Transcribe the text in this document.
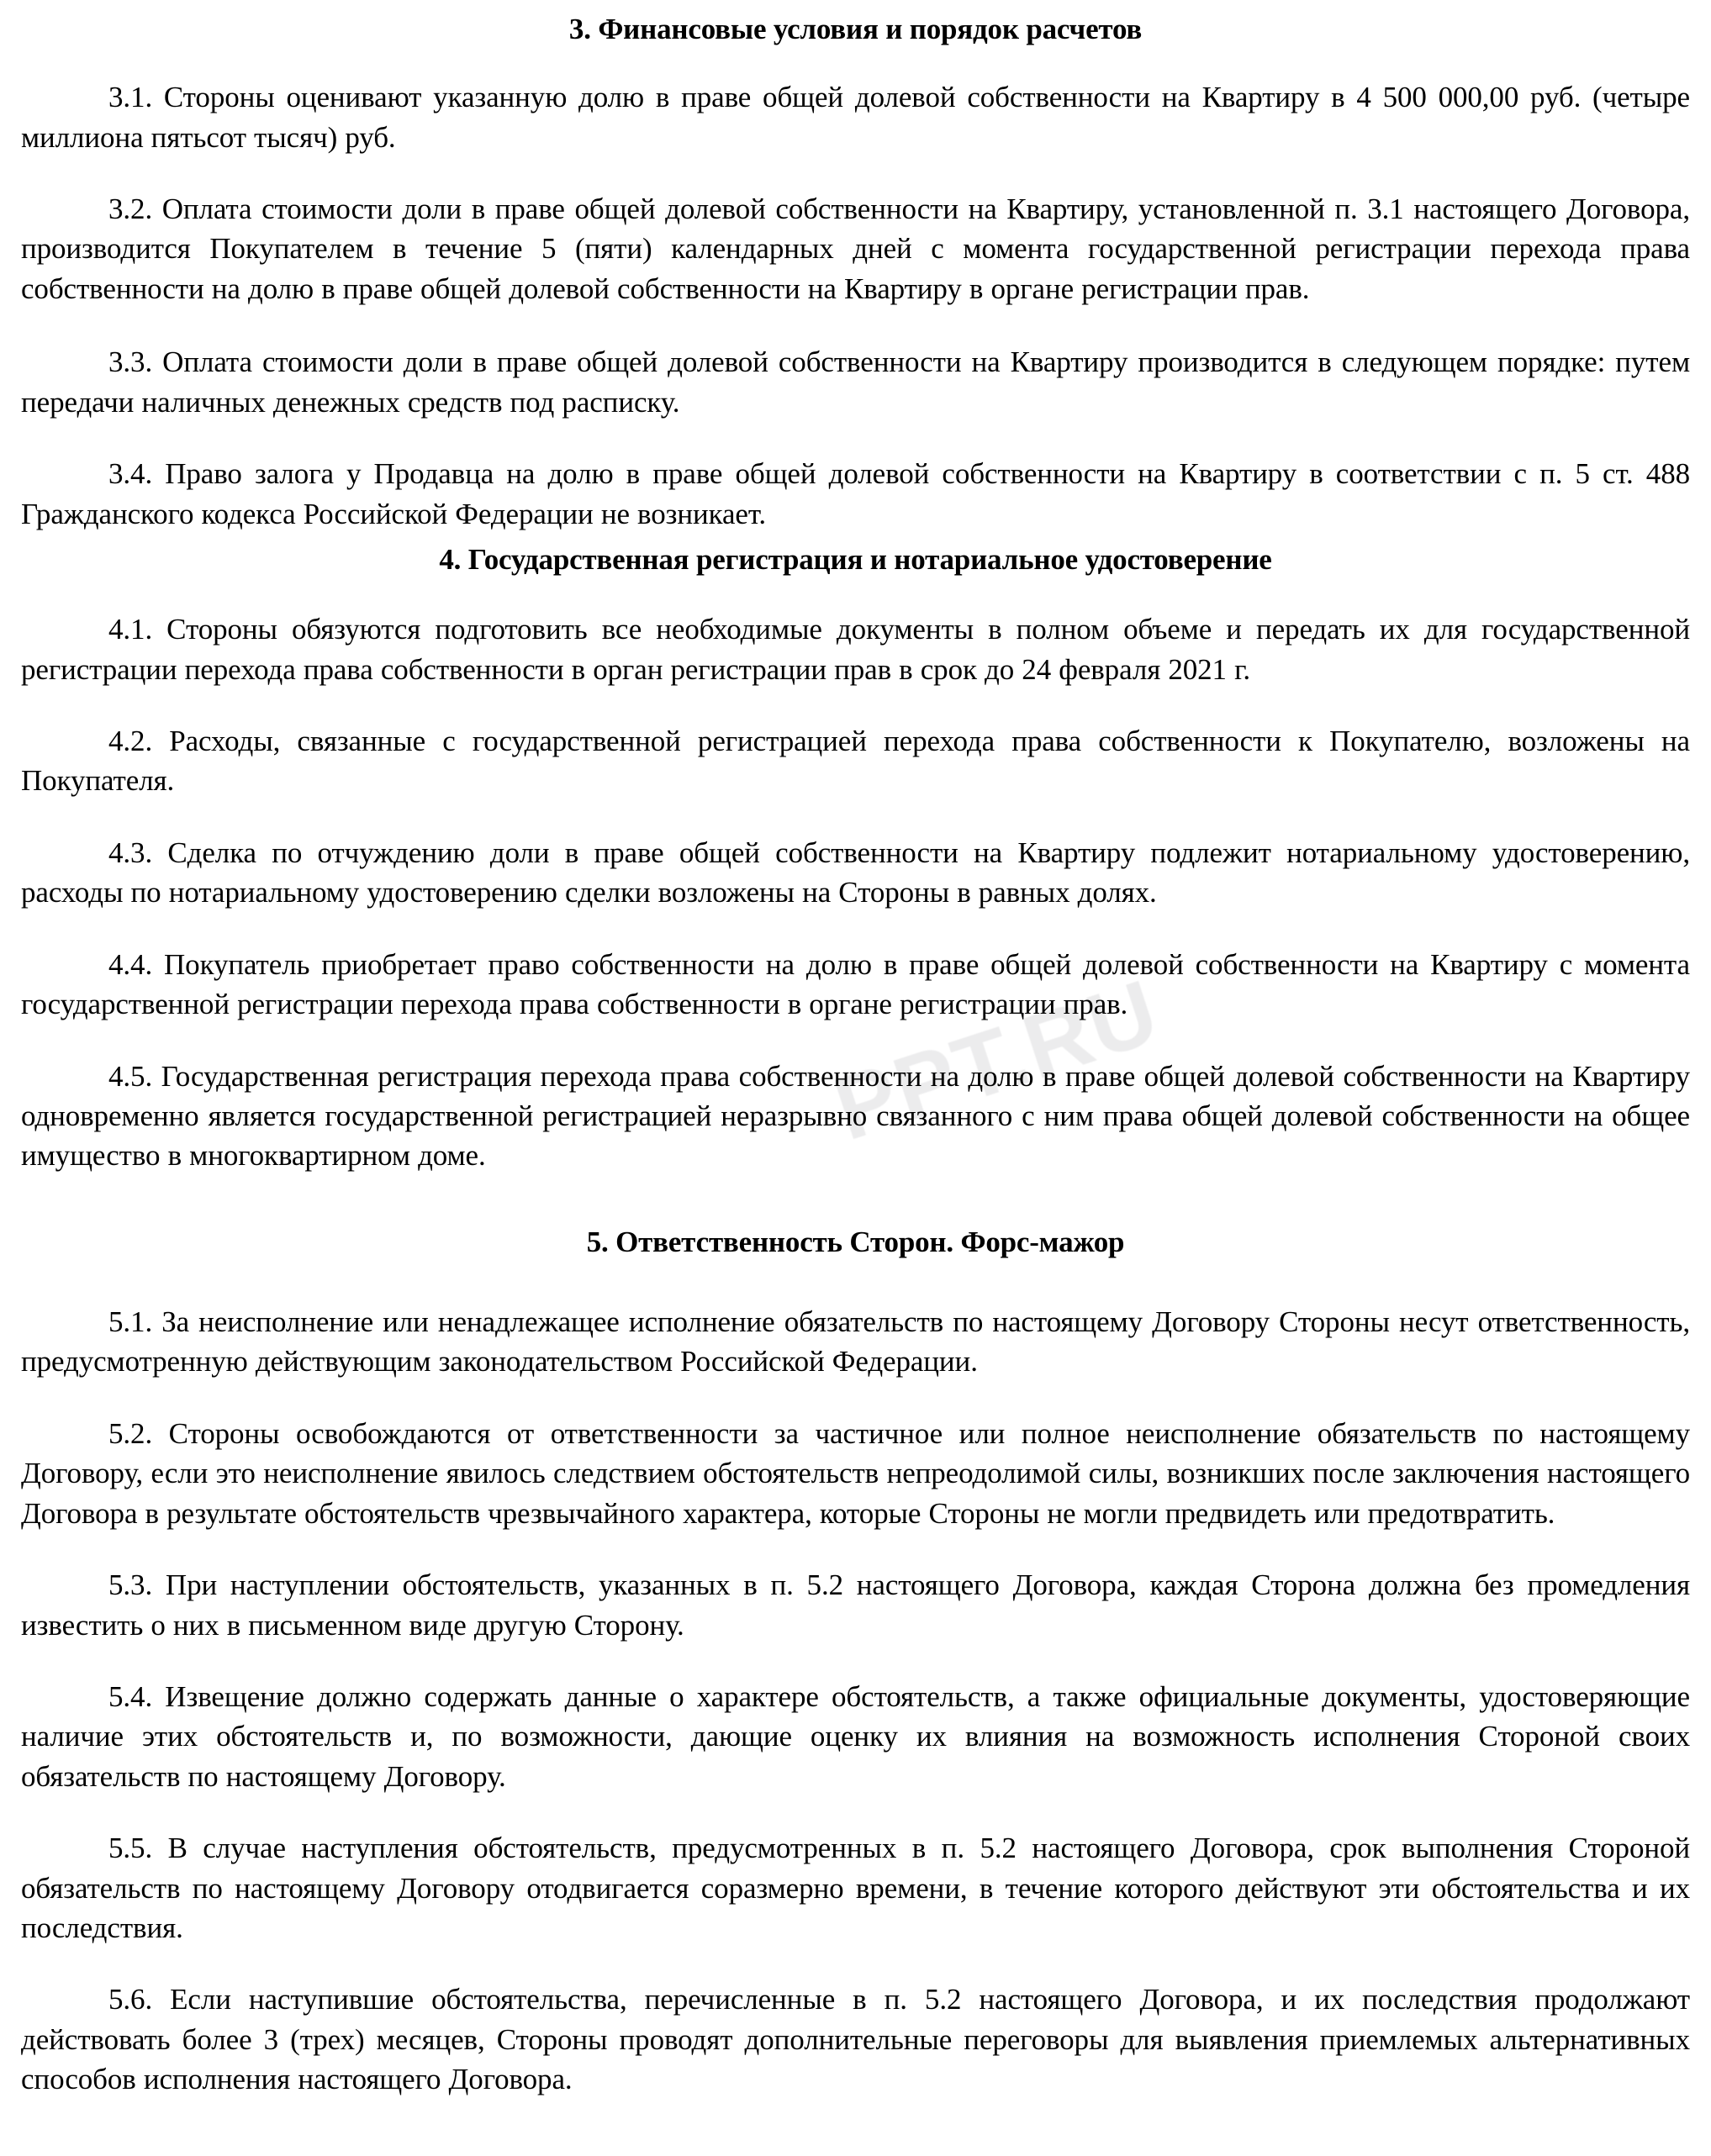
PPT.RU
3. Финансовые условия и порядок расчетов

3.1. Стороны оценивают указанную долю в праве общей долевой собственности на Квартиру в 4 500 000,00 руб. (четыре миллиона пятьсот тысяч) руб.

3.2. Оплата стоимости доли в праве общей долевой собственности на Квартиру, установленной п. 3.1 настоящего Договора, производится Покупателем в течение 5 (пяти) календарных дней с момента государственной регистрации перехода права собственности на долю в праве общей долевой собственности на Квартиру в органе регистрации прав.

3.3. Оплата стоимости доли в праве общей долевой собственности на Квартиру производится в следующем порядке: путем передачи наличных денежных средств под расписку.

3.4. Право залога у Продавца на долю в праве общей долевой собственности на Квартиру в соответствии с п. 5 ст. 488 Гражданского кодекса Российской Федерации не возникает.

4. Государственная регистрация и нотариальное удостоверение

4.1. Стороны обязуются подготовить все необходимые документы в полном объеме и передать их для государственной регистрации перехода права собственности в орган регистрации прав в срок до 24 февраля 2021 г.

4.2. Расходы, связанные с государственной регистрацией перехода права собственности к Покупателю, возложены на Покупателя.

4.3. Сделка по отчуждению доли в праве общей собственности на Квартиру подлежит нотариальному удостоверению, расходы по нотариальному удостоверению сделки возложены на Стороны в равных долях.

4.4. Покупатель приобретает право собственности на долю в праве общей долевой собственности на Квартиру с момента государственной регистрации перехода права собственности в органе регистрации прав.

4.5. Государственная регистрация перехода права собственности на долю в праве общей долевой собственности на Квартиру одновременно является государственной регистрацией неразрывно связанного с ним права общей долевой собственности на общее имущество в многоквартирном доме.

5. Ответственность Сторон. Форс-мажор

5.1. За неисполнение или ненадлежащее исполнение обязательств по настоящему Договору Стороны несут ответственность, предусмотренную действующим законодательством Российской Федерации.

5.2. Стороны освобождаются от ответственности за частичное или полное неисполнение обязательств по настоящему Договору, если это неисполнение явилось следствием обстоятельств непреодолимой силы, возникших после заключения настоящего Договора в результате обстоятельств чрезвычайного характера, которые Стороны не могли предвидеть или предотвратить.

5.3. При наступлении обстоятельств, указанных в п. 5.2 настоящего Договора, каждая Сторона должна без промедления известить о них в письменном виде другую Сторону.

5.4. Извещение должно содержать данные о характере обстоятельств, а также официальные документы, удостоверяющие наличие этих обстоятельств и, по возможности, дающие оценку их влияния на возможность исполнения Стороной своих обязательств по настоящему Договору.

5.5. В случае наступления обстоятельств, предусмотренных в п. 5.2 настоящего Договора, срок выполнения Стороной обязательств по настоящему Договору отодвигается соразмерно времени, в течение которого действуют эти обстоятельства и их последствия.

5.6. Если наступившие обстоятельства, перечисленные в п. 5.2 настоящего Договора, и их последствия продолжают действовать более 3 (трех) месяцев, Стороны проводят дополнительные переговоры для выявления приемлемых альтернативных способов исполнения настоящего Договора.
